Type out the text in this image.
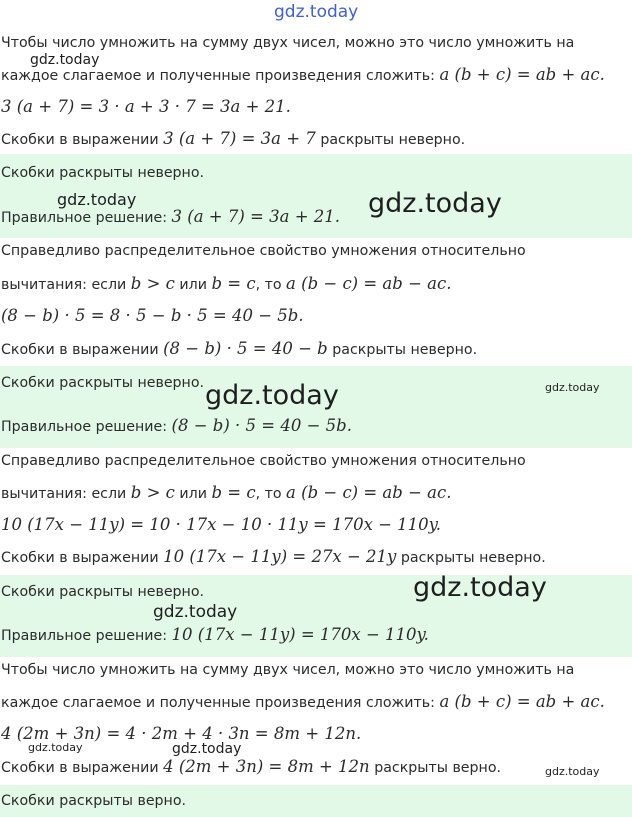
gdz.today
gdz.today
gdz.today	gdz.today
gdz.today	gdz.today
gdz.today
gdz.today
gdz.today	gdz.today
gdz.today
Чтобы число умножить на сумму двух чисел, можно это число умножить на
каждое слагаемое и полученные произведения сложить: a (b + c) = ab + ac.
3 (a + 7) = 3 · a + 3 · 7 = 3a + 21.
Скобки в выражении 3 (a + 7) = 3a + 7 раскрыты неверно.
Скобки раскрыты неверно.
Правильное решение: 3 (a + 7) = 3a + 21.
Справедливо распределительное свойство умножения относительно
вычитания: если b > c или b = c, то a (b − c) = ab − ac.
(8 − b) · 5 = 8 · 5 − b · 5 = 40 − 5b.
Скобки в выражении (8 − b) · 5 = 40 − b раскрыты неверно.
Скобки раскрыты неверно.
Правильное решение: (8 − b) · 5 = 40 − 5b.
Справедливо распределительное свойство умножения относительно
вычитания: если b > c или b = c, то a (b − c) = ab − ac.
10 (17x − 11y) = 10 · 17x − 10 · 11y = 170x − 110y.
Скобки в выражении 10 (17x − 11y) = 27x − 21y раскрыты неверно.
Скобки раскрыты неверно.
Правильное решение: 10 (17x − 11y) = 170x − 110y.
Чтобы число умножить на сумму двух чисел, можно это число умножить на
каждое слагаемое и полученные произведения сложить: a (b + c) = ab + ac.
4 (2m + 3n) = 4 · 2m + 4 · 3n = 8m + 12n.
Скобки в выражении 4 (2m + 3n) = 8m + 12n раскрыты верно.
Скобки раскрыты верно.
